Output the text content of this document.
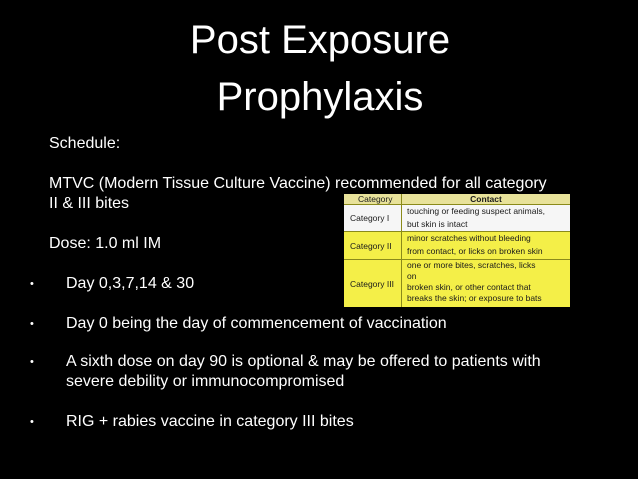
Post Exposure
Prophylaxis
Schedule:
MTVC (Modern Tissue Culture Vaccine) recommended for all category
II & III bites
Dose: 1.0 ml IM
• Day 0,3,7,14 & 30
• Day 0 being the day of commencement of vaccination
• A sixth dose on day 90 is optional & may be offered to patients with
severe debility or immunocompromised
• RIG + rabies vaccine in category III bites
Category	Contact
Category I
touching or feeding suspect animals,
but skin is intact
Category II
minor scratches without bleeding
from contact, or licks on broken skin
Category III
one or more bites, scratches, licks
on
broken skin, or other contact that
breaks the skin; or exposure to bats
